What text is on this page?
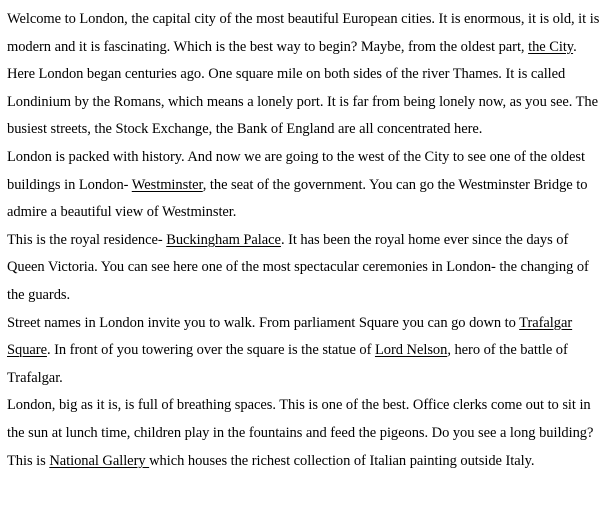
Welcome to London, the capital city of the most beautiful European cities. It is enormous, it is old, it is modern and it is fascinating. Which is the best way to begin? Maybe, from the oldest part, the City. Here London began centuries ago. One square mile on both sides of the river Thames. It is called Londinium by the Romans, which means a lonely port. It is far from being lonely now, as you see. The busiest streets, the Stock Exchange, the Bank of England are all concentrated here.

London is packed with history. And now we are going to the west of the City to see one of the oldest buildings in London- Westminster, the seat of the government. You can go the Westminster Bridge to admire a beautiful view of Westminster.

This is the royal residence- Buckingham Palace. It has been the royal home ever since the days of Queen Victoria. You can see here one of the most spectacular ceremonies in London- the changing of the guards.

Street names in London invite you to walk. From parliament Square you can go down to Trafalgar Square. In front of you towering over the square is the statue of Lord Nelson, hero of the battle of Trafalgar.

London, big as it is, is full of breathing spaces. This is one of the best. Office clerks come out to sit in the sun at lunch time, children play in the fountains and feed the pigeons. Do you see a long building? This is National Gallery which houses the richest collection of Italian painting outside Italy.
